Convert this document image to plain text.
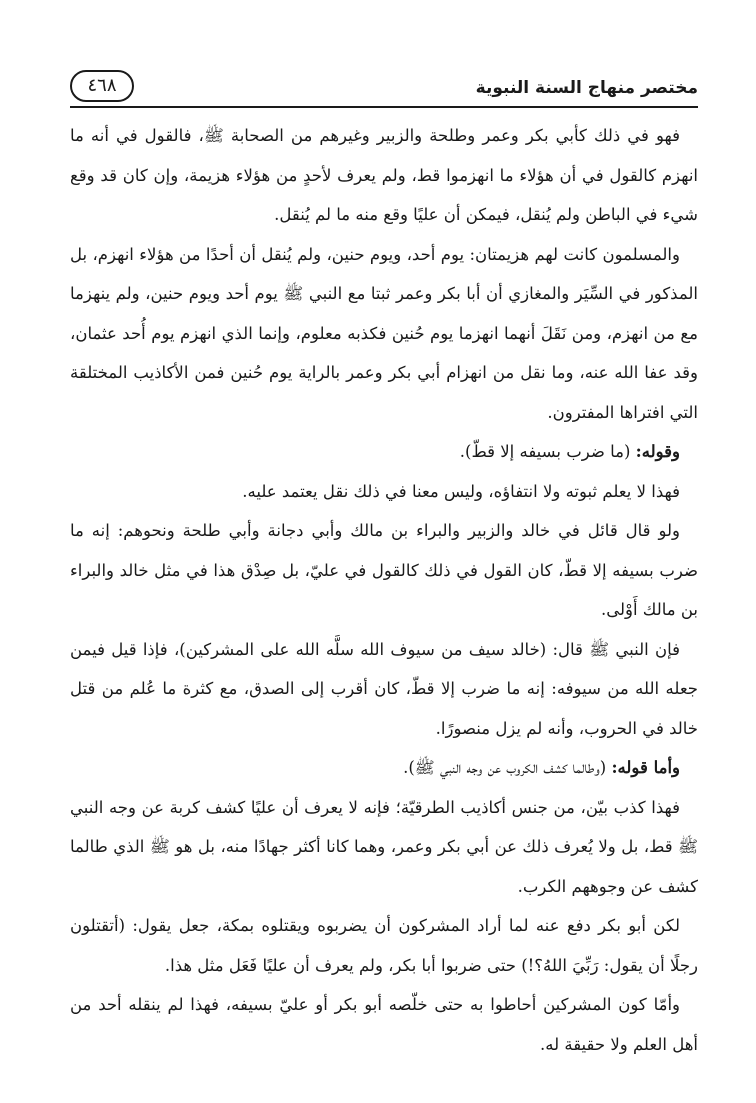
مختصر منهاج السنة النبوية
٤٦٨

فهو في ذلك كأبي بكر وعمر وطلحة والزبير وغيرهم من الصحابة ﷺ، فالقول في أنه ما انهزم كالقول في أن هؤلاء ما انهزموا قط، ولم يعرف لأحدٍ من هؤلاء هزيمة، وإن كان قد وقع شيء في الباطن ولم يُنقل، فيمكن أن عليًا وقع منه ما لم يُنقل.

والمسلمون كانت لهم هزيمتان: يوم أحد، ويوم حنين، ولم يُنقل أن أحدًا من هؤلاء انهزم، بل المذكور في السِّيَر والمغازي أن أبا بكر وعمر ثبتا مع النبي ﷺ يوم أحد ويوم حنين، ولم ينهزما مع من انهزم، ومن نَقَلَ أنهما انهزما يوم حُنين فكذبه معلوم، وإنما الذي انهزم يوم أُحد عثمان، وقد عفا الله عنه، وما نقل من انهزام أبي بكر وعمر بالراية يوم حُنين فمن الأكاذيب المختلقة التي افتراها المفترون.

وقوله: (ما ضرب بسيفه إلا قطّ).

فهذا لا يعلم ثبوته ولا انتفاؤه، وليس معنا في ذلك نقل يعتمد عليه.

ولو قال قائل في خالد والزبير والبراء بن مالك وأبي دجانة وأبي طلحة ونحوهم: إنه ما ضرب بسيفه إلا قطّ، كان القول في ذلك كالقول في عليّ، بل صِدْق هذا في مثل خالد والبراء بن مالك أَوْلى.

فإن النبي ﷺ قال: (خالد سيف من سيوف الله سلَّه الله على المشركين)، فإذا قيل فيمن جعله الله من سيوفه: إنه ما ضرب إلا قطّ، كان أقرب إلى الصدق، مع كثرة ما عُلم من قتل خالد في الحروب، وأنه لم يزل منصورًا.

وأما قوله: (وطالما كشف الكروب عن وجه النبي ﷺ).

فهذا كذب بيّن، من جنس أكاذيب الطرقيّة؛ فإنه لا يعرف أن عليًا كشف كربة عن وجه النبي ﷺ قط، بل ولا يُعرف ذلك عن أبي بكر وعمر، وهما كانا أكثر جهادًا منه، بل هو ﷺ الذي طالما كشف عن وجوههم الكرب.

لكن أبو بكر دفع عنه لما أراد المشركون أن يضربوه ويقتلوه بمكة، جعل يقول: (أتقتلون رجلًا أن يقول: رَبِّيَ اللهُ؟!) حتى ضربوا أبا بكر، ولم يعرف أن عليًا فَعَل مثل هذا.

وأمّا كون المشركين أحاطوا به حتى خلّصه أبو بكر أو عليّ بسيفه، فهذا لم ينقله أحد من أهل العلم ولا حقيقة له.
